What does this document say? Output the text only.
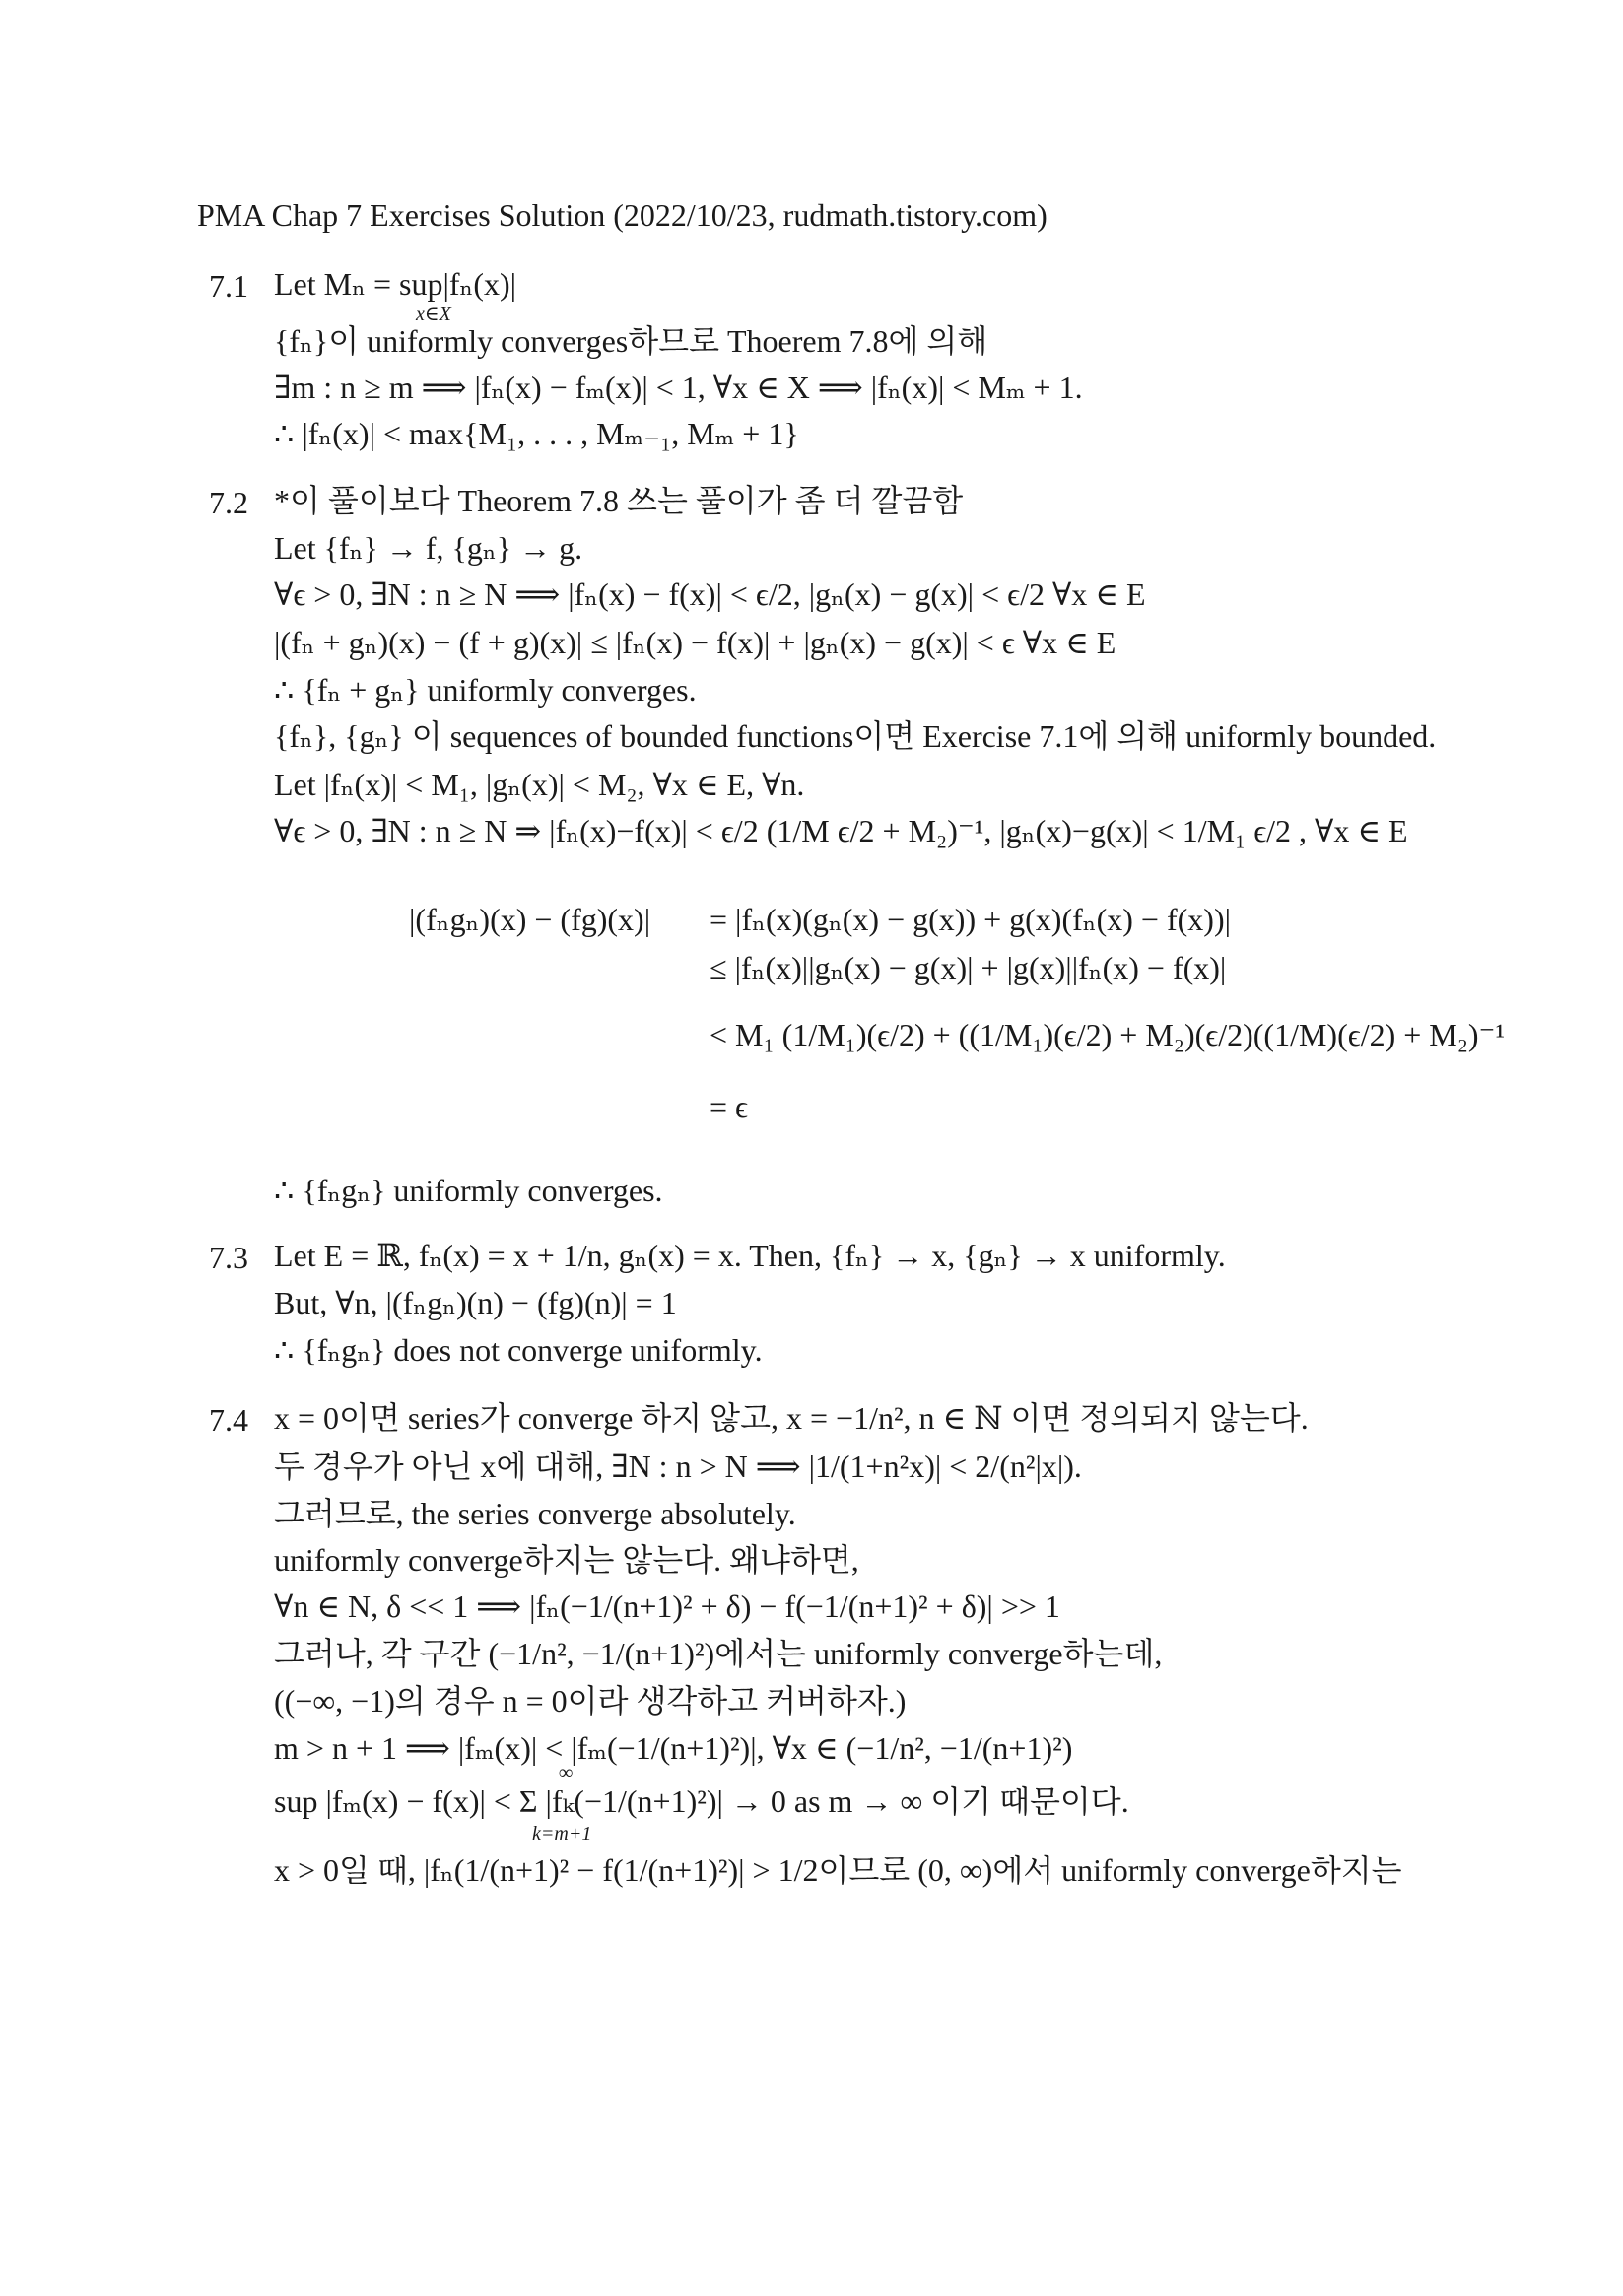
PMA Chap 7 Exercises Solution (2022/10/23, rudmath.tistory.com)
7.1 Let Mₙ = sup|fₙ(x)|
x∈X
{fₙ}이 uniformly converges하므로 Thoerem 7.8에 의해
∃m : n ≥ m ⟹ |fₙ(x) − fₘ(x)| < 1, ∀x ∈ X ⟹ |fₙ(x)| < Mₘ + 1.
∴ |fₙ(x)| < max{M₁, . . . , Mₘ₋₁, Mₘ + 1}
7.2 *이 풀이보다 Theorem 7.8 쓰는 풀이가 좀 더 깔끔함
Let {fₙ} → f, {gₙ} → g.
∀ϵ > 0, ∃N : n ≥ N ⟹ |fₙ(x) − f(x)| < ϵ/2, |gₙ(x) − g(x)| < ϵ/2 ∀x ∈ E
|(fₙ + gₙ)(x) − (f + g)(x)| ≤ |fₙ(x) − f(x)| + |gₙ(x) − g(x)| < ϵ ∀x ∈ E
∴ {fₙ + gₙ} uniformly converges.
{fₙ}, {gₙ} 이 sequences of bounded functions이면 Exercise 7.1에 의해 uniformly bounded.
Let |fₙ(x)| < M₁, |gₙ(x)| < M₂, ∀x ∈ E, ∀n.
∀ϵ > 0, ∃N : n ≥ N ⇒ |fₙ(x)−f(x)| < ϵ/2 (1/M ϵ/2 + M₂)⁻¹, |gₙ(x)−g(x)| < 1/M₁ ϵ/2 , ∀x ∈ E
|(fₙgₙ)(x) − (fg)(x)| = |fₙ(x)(gₙ(x) − g(x)) + g(x)(fₙ(x) − f(x))|
≤ |fₙ(x)||gₙ(x) − g(x)| + |g(x)||fₙ(x) − f(x)|
< M₁ (1/M₁)(ϵ/2) + ((1/M₁)(ϵ/2) + M₂)(ϵ/2)((1/M)(ϵ/2) + M₂)⁻¹
= ϵ
∴ {fₙgₙ} uniformly converges.
7.3 Let E = ℝ, fₙ(x) = x + 1/n, gₙ(x) = x. Then, {fₙ} → x, {gₙ} → x uniformly.
But, ∀n, |(fₙgₙ)(n) − (fg)(n)| = 1
∴ {fₙgₙ} does not converge uniformly.
7.4 x = 0이면 series가 converge 하지 않고, x = −1/n², n ∈ ℕ 이면 정의되지 않는다.
두 경우가 아닌 x에 대해, ∃N : n > N ⟹ |1/(1+n²x)| < 2/(n²|x|).
그러므로, the series converge absolutely.
uniformly converge하지는 않는다. 왜냐하면,
∀n ∈ N, δ << 1 ⟹ |fₙ(−1/(n+1)² + δ) − f(−1/(n+1)² + δ)| >> 1
그러나, 각 구간 (−1/n², −1/(n+1)²)에서는 uniformly converge하는데,
((−∞, −1)의 경우 n = 0이라 생각하고 커버하자.)
m > n + 1 ⟹ |fₘ(x)| < |fₘ(−1/(n+1)²)|, ∀x ∈ (−1/n², −1/(n+1)²)
∞
sup |fₘ(x) − f(x)| < Σ |fₖ(−1/(n+1)²)| → 0 as m → ∞ 이기 때문이다.
k=m+1
x > 0일 때, |fₙ(1/(n+1)² − f(1/(n+1)²)| > 1/2이므로 (0, ∞)에서 uniformly converge하지는
